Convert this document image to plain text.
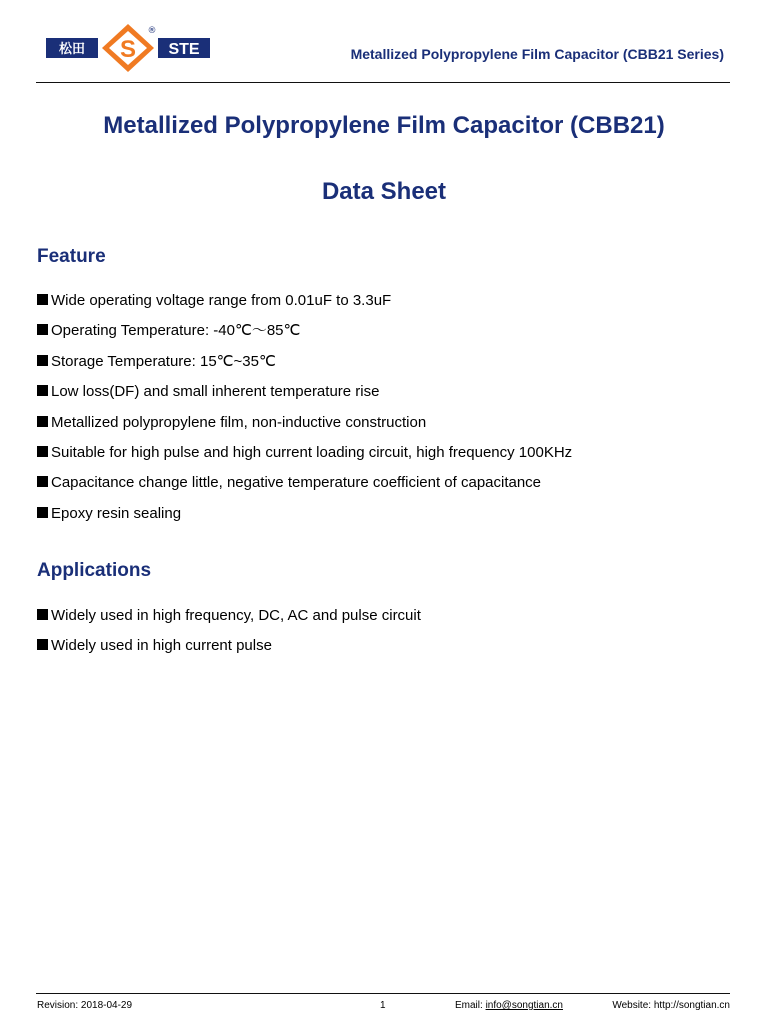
松田	STE
S
®
Metallized Polypropylene Film Capacitor (CBB21 Series)
Metallized Polypropylene Film Capacitor (CBB21)
Data Sheet
Feature
Wide operating voltage range from 0.01uF to 3.3uF
Operating Temperature: -40℃～85℃
Storage Temperature: 15℃~35℃
Low loss(DF) and small inherent temperature rise
Metallized polypropylene film, non-inductive construction
Suitable for high pulse and high current loading circuit, high frequency 100KHz
Capacitance change little, negative temperature coefficient of capacitance
Epoxy resin sealing
Applications
Widely used in high frequency, DC, AC and pulse circuit
Widely used in high current pulse
Revision: 2018-04-29	1	Email: info@songtian.cn	Website: http://songtian.cn
